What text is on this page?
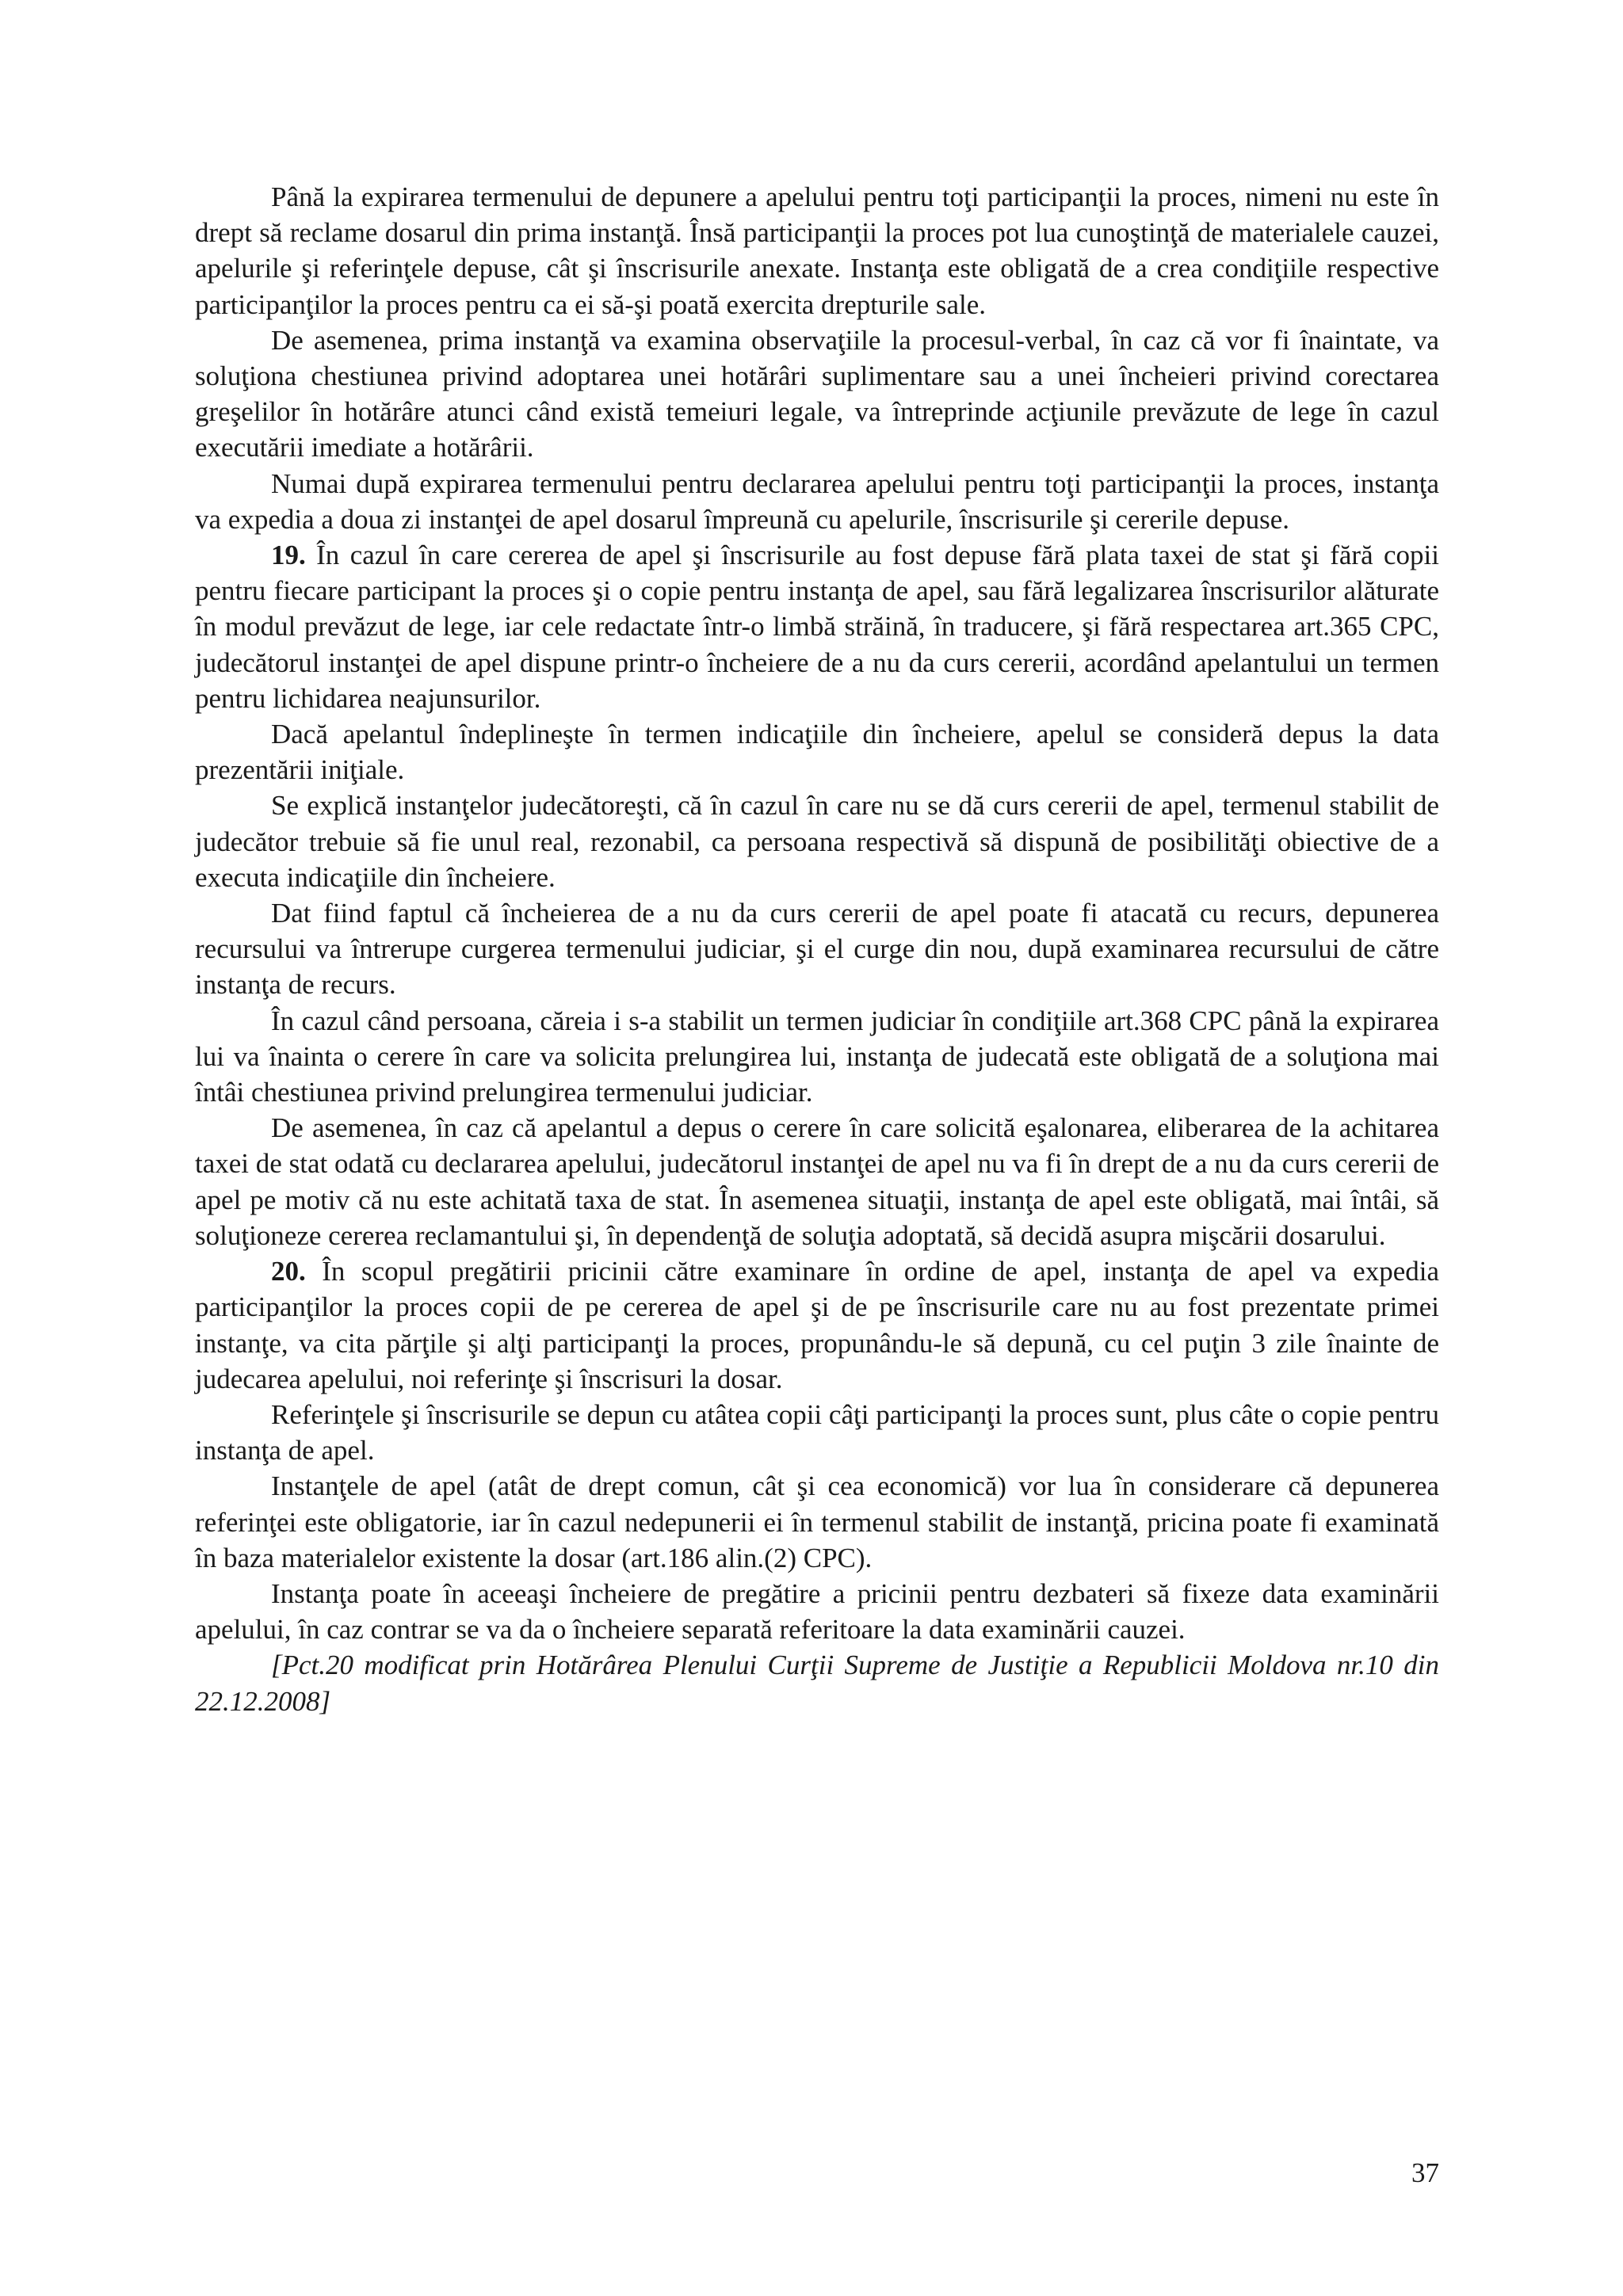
Până la expirarea termenului de depunere a apelului pentru toţi participanţii la proces, nimeni nu este în drept să reclame dosarul din prima instanţă. Însă participanţii la proces pot lua cunoştinţă de materialele cauzei, apelurile şi referinţele depuse, cât şi înscrisurile anexate. Instanţa este obligată de a crea condiţiile respective participanţilor la proces pentru ca ei să-şi poată exercita drepturile sale.

De asemenea, prima instanţă va examina observaţiile la procesul-verbal, în caz că vor fi înaintate, va soluţiona chestiunea privind adoptarea unei hotărâri suplimentare sau a unei încheieri privind corectarea greşelilor în hotărâre atunci când există temeiuri legale, va întreprinde acţiunile prevăzute de lege în cazul executării imediate a hotărârii.

Numai după expirarea termenului pentru declararea apelului pentru toţi participanţii la proces, instanţa va expedia a doua zi instanţei de apel dosarul împreună cu apelurile, înscrisurile şi cererile depuse.

19. În cazul în care cererea de apel şi înscrisurile au fost depuse fără plata taxei de stat şi fără copii pentru fiecare participant la proces şi o copie pentru instanţa de apel, sau fără legalizarea înscrisurilor alăturate în modul prevăzut de lege, iar cele redactate într-o limbă străină, în traducere, şi fără respectarea art.365 CPC, judecătorul instanţei de apel dispune printr-o încheiere de a nu da curs cererii, acordând apelantului un termen pentru lichidarea neajunsurilor.

Dacă apelantul îndeplineşte în termen indicaţiile din încheiere, apelul se consideră depus la data prezentării iniţiale.

Se explică instanţelor judecătoreşti, că în cazul în care nu se dă curs cererii de apel, termenul stabilit de judecător trebuie să fie unul real, rezonabil, ca persoana respectivă să dispună de posibilităţi obiective de a executa indicaţiile din încheiere.

Dat fiind faptul că încheierea de a nu da curs cererii de apel poate fi atacată cu recurs, depunerea recursului va întrerupe curgerea termenului judiciar, şi el curge din nou, după examinarea recursului de către instanţa de recurs.

În cazul când persoana, căreia i s-a stabilit un termen judiciar în condiţiile art.368 CPC până la expirarea lui va înainta o cerere în care va solicita prelungirea lui, instanţa de judecată este obligată de a soluţiona mai întâi chestiunea privind prelungirea termenului judiciar.

De asemenea, în caz că apelantul a depus o cerere în care solicită eşalonarea, eliberarea de la achitarea taxei de stat odată cu declararea apelului, judecătorul instanţei de apel nu va fi în drept de a nu da curs cererii de apel pe motiv că nu este achitată taxa de stat. În asemenea situaţii, instanţa de apel este obligată, mai întâi, să soluţioneze cererea reclamantului şi, în dependenţă de soluţia adoptată, să decidă asupra mişcării dosarului.

20. În scopul pregătirii pricinii către examinare în ordine de apel, instanţa de apel va expedia participanţilor la proces copii de pe cererea de apel şi de pe înscrisurile care nu au fost prezentate primei instanţe, va cita părţile şi alţi participanţi la proces, propunându-le să depună, cu cel puţin 3 zile înainte de judecarea apelului, noi referinţe şi înscrisuri la dosar.

Referinţele şi înscrisurile se depun cu atâtea copii câţi participanţi la proces sunt, plus câte o copie pentru instanţa de apel.

Instanţele de apel (atât de drept comun, cât şi cea economică) vor lua în considerare că depunerea referinţei este obligatorie, iar în cazul nedepunerii ei în termenul stabilit de instanţă, pricina poate fi examinată în baza materialelor existente la dosar (art.186 alin.(2) CPC).

Instanţa poate în aceeaşi încheiere de pregătire a pricinii pentru dezbateri să fixeze data examinării apelului, în caz contrar se va da o încheiere separată referitoare la data examinării cauzei.

[Pct.20 modificat prin Hotărârea Plenului Curţii Supreme de Justiţie a Republicii Moldova nr.10 din 22.12.2008]

37
